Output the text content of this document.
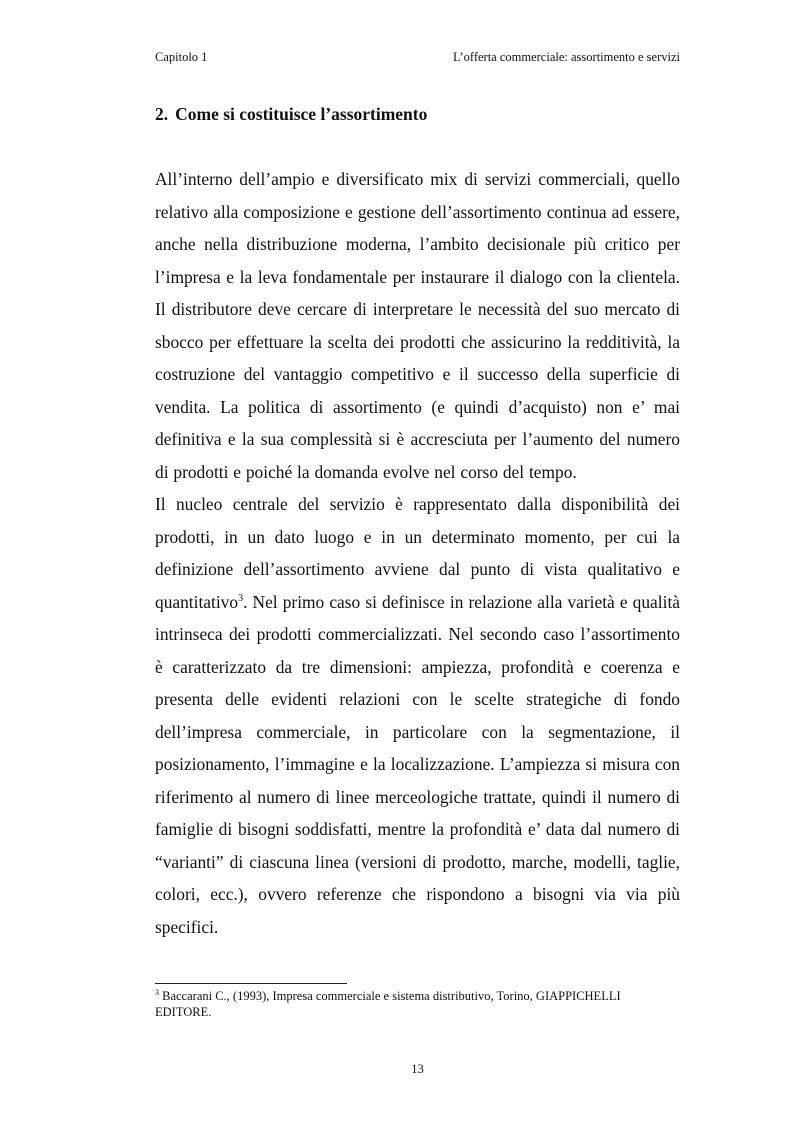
Capitolo 1	L’offerta commerciale: assortimento e servizi
2. Come si costituisce l’assortimento

All’interno dell’ampio e diversificato mix di servizi commerciali, quello relativo alla composizione e gestione dell’assortimento continua ad essere, anche nella distribuzione moderna, l’ambito decisionale più critico per l’impresa e la leva fondamentale per instaurare il dialogo con la clientela. Il distributore deve cercare di interpretare le necessità del suo mercato di sbocco per effettuare la scelta dei prodotti che assicurino la redditività, la costruzione del vantaggio competitivo e il successo della superficie di vendita. La politica di assortimento (e quindi d’acquisto) non e’ mai definitiva e la sua complessità si è accresciuta per l’aumento del numero di prodotti e poiché la domanda evolve nel corso del tempo.

Il nucleo centrale del servizio è rappresentato dalla disponibilità dei prodotti, in un dato luogo e in un determinato momento, per cui la definizione dell’assortimento avviene dal punto di vista qualitativo e quantitativo$^3$. Nel primo caso si definisce in relazione alla varietà e qualità intrinseca dei prodotti commercializzati. Nel secondo caso l’assortimento è caratterizzato da tre dimensioni: ampiezza, profondità e coerenza e presenta delle evidenti relazioni con le scelte strategiche di fondo dell’impresa commerciale, in particolare con la segmentazione, il posizionamento, l’immagine e la localizzazione. L’ampiezza si misura con riferimento al numero di linee merceologiche trattate, quindi il numero di famiglie di bisogni soddisfatti, mentre la profondità e’ data dal numero di “varianti” di ciascuna linea (versioni di prodotto, marche, modelli, taglie, colori, ecc.), ovvero referenze che rispondono a bisogni via via più specifici.

$^3$ Baccarani C., (1993), Impresa commerciale e sistema distributivo, Torino, GIAPPICHELLI EDITORE.

13
